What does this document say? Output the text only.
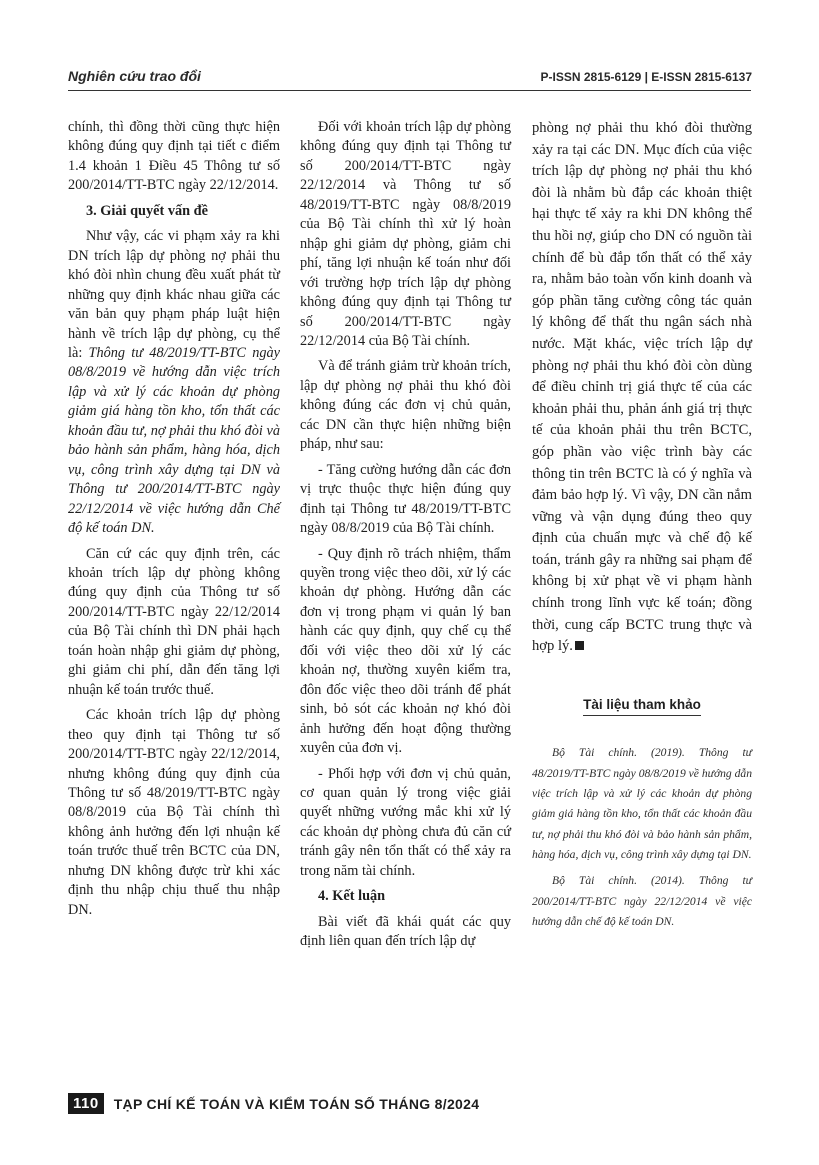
Nghiên cứu trao đổi	P-ISSN 2815-6129 | E-ISSN 2815-6137

chính, thì đồng thời cũng thực hiện không đúng quy định tại tiết c điểm 1.4 khoản 1 Điều 45 Thông tư số 200/2014/TT-BTC ngày 22/12/2014.

3. Giải quyết vấn đề

Như vậy, các vi phạm xảy ra khi DN trích lập dự phòng nợ phải thu khó đòi nhìn chung đều xuất phát từ những quy định khác nhau giữa các văn bản quy phạm pháp luật hiện hành về trích lập dự phòng, cụ thể là: Thông tư 48/2019/TT-BTC ngày 08/8/2019 về hướng dẫn việc trích lập và xử lý các khoản dự phòng giảm giá hàng tồn kho, tổn thất các khoản đầu tư, nợ phải thu khó đòi và bảo hành sản phẩm, hàng hóa, dịch vụ, công trình xây dựng tại DN và Thông tư 200/2014/TT-BTC ngày 22/12/2014 về việc hướng dẫn Chế độ kế toán DN.

Căn cứ các quy định trên, các khoản trích lập dự phòng không đúng quy định của Thông tư số 200/2014/TT-BTC ngày 22/12/2014 của Bộ Tài chính thì DN phải hạch toán hoàn nhập ghi giảm dự phòng, ghi giảm chi phí, dẫn đến tăng lợi nhuận kế toán trước thuế.

Các khoản trích lập dự phòng theo quy định tại Thông tư số 200/2014/TT-BTC ngày 22/12/2014, nhưng không đúng quy định của Thông tư số 48/2019/TT-BTC ngày 08/8/2019 của Bộ Tài chính thì không ảnh hưởng đến lợi nhuận kế toán trước thuế trên BCTC của DN, nhưng DN không được trừ khi xác định thu nhập chịu thuế thu nhập DN.

Đối với khoản trích lập dự phòng không đúng quy định tại Thông tư số 200/2014/TT-BTC ngày 22/12/2014 và Thông tư số 48/2019/TT-BTC ngày 08/8/2019 của Bộ Tài chính thì xử lý hoàn nhập ghi giảm dự phòng, giảm chi phí, tăng lợi nhuận kế toán như đối với trường hợp trích lập dự phòng không đúng quy định tại Thông tư số 200/2014/TT-BTC ngày 22/12/2014 của Bộ Tài chính.

Và để tránh giảm trừ khoản trích, lập dự phòng nợ phải thu khó đòi không đúng các đơn vị chủ quản, các DN cần thực hiện những biện pháp, như sau:

- Tăng cường hướng dẫn các đơn vị trực thuộc thực hiện đúng quy định tại Thông tư 48/2019/TT-BTC ngày 08/8/2019 của Bộ Tài chính.

- Quy định rõ trách nhiệm, thẩm quyền trong việc theo dõi, xử lý các khoản dự phòng. Hướng dẫn các đơn vị trong phạm vi quản lý ban hành các quy định, quy chế cụ thể đối với việc theo dõi xử lý các khoản nợ, thường xuyên kiểm tra, đôn đốc việc theo dõi tránh để phát sinh, bỏ sót các khoản nợ khó đòi ảnh hưởng đến hoạt động thường xuyên của đơn vị.

- Phối hợp với đơn vị chủ quản, cơ quan quản lý trong việc giải quyết những vướng mắc khi xử lý các khoản dự phòng chưa đủ căn cứ tránh gây nên tổn thất có thể xảy ra trong năm tài chính.

4. Kết luận

Bài viết đã khái quát các quy định liên quan đến trích lập dự

phòng nợ phải thu khó đòi thường xảy ra tại các DN. Mục đích của việc trích lập dự phòng nợ phải thu khó đòi là nhằm bù đắp các khoản thiệt hại thực tế xảy ra khi DN không thể thu hồi nợ, giúp cho DN có nguồn tài chính để bù đắp tổn thất có thể xảy ra, nhằm bảo toàn vốn kinh doanh và góp phần tăng cường công tác quản lý không để thất thu ngân sách nhà nước. Mặt khác, việc trích lập dự phòng nợ phải thu khó đòi còn dùng để điều chỉnh trị giá thực tế của các khoản phải thu, phản ánh giá trị thực tế của khoản phải thu trên BCTC, góp phần vào việc trình bày các thông tin trên BCTC là có ý nghĩa và đảm bảo hợp lý. Vì vậy, DN cần nắm vững và vận dụng đúng theo quy định của chuẩn mực và chế độ kế toán, tránh gây ra những sai phạm để không bị xử phạt về vi phạm hành chính trong lĩnh vực kế toán; đồng thời, cung cấp BCTC trung thực và hợp lý.

Tài liệu tham khảo

Bộ Tài chính. (2019). Thông tư 48/2019/TT-BTC ngày 08/8/2019 về hướng dẫn việc trích lập và xử lý các khoản dự phòng giảm giá hàng tồn kho, tổn thất các khoản đầu tư, nợ phải thu khó đòi và bảo hành sản phẩm, hàng hóa, dịch vụ, công trình xây dựng tại DN.

Bộ Tài chính. (2014). Thông tư 200/2014/TT-BTC ngày 22/12/2014 về việc hướng dẫn chế độ kế toán DN.

110	TẠP CHÍ KẾ TOÁN VÀ KIỂM TOÁN SỐ THÁNG 8/2024
